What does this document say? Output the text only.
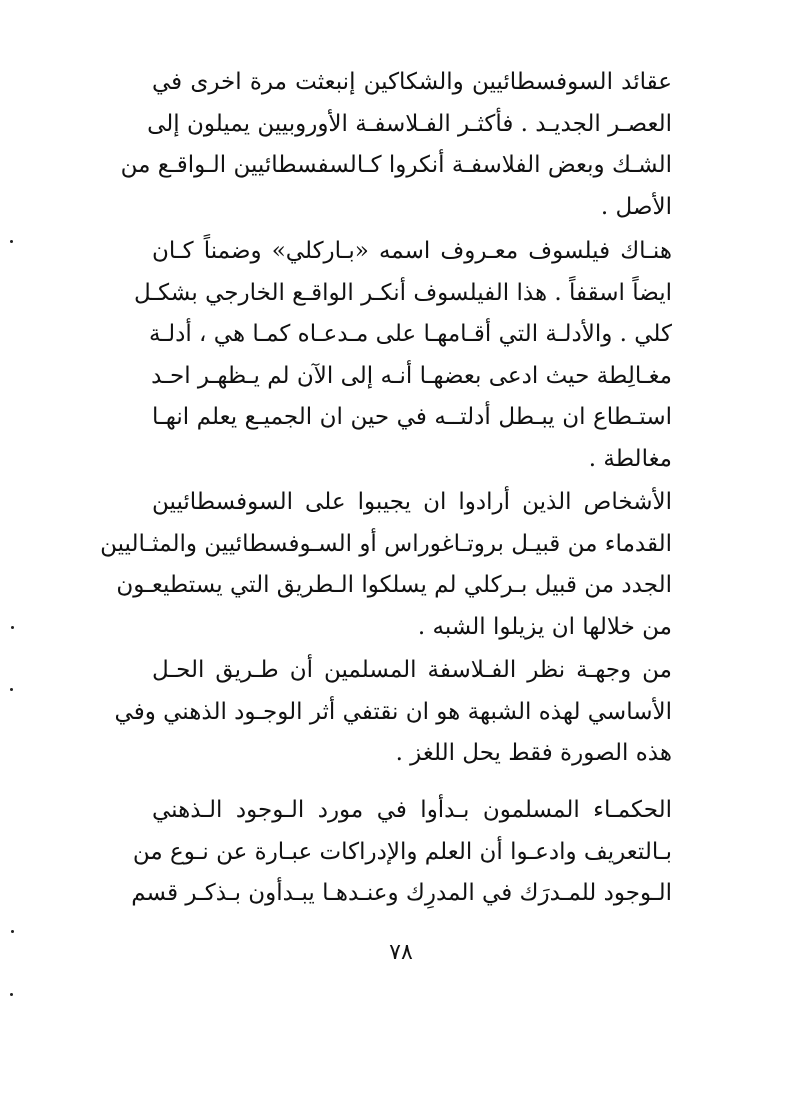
عقائد السوفسطائيين والشكاكين إنبعثت مرة اخرى في
العصـر الجديـد . فأكثـر الفـلاسفـة الأوروبيين يميلون إلى
الشـك وبعض الفلاسفـة أنكروا كـالسفسطائيين الـواقـع من
الأصل .
هنـاك فيلسوف معـروف اسمه «بـاركلي» وضمناً كـان
ايضاً اسقفاً . هذا الفيلسوف أنكـر الواقـع الخارجي بشكـل
كلي . والأدلـة التي أقـامهـا على مـدعـاه كمـا هي ، أدلـة
مغـالِطة حيث ادعى بعضهـا أنـه إلى الآن لم يـظهـر احـد
استـطاع ان يبـطل أدلتــه في حين ان الجميـع يعلم انهـا
مغالطة .
الأشخاص الذين أرادوا ان يجيبوا على السوفسطائيين
القدماء من قبيـل بروتـاغوراس أو السـوفسطائيين والمثـاليين
الجدد من قبيل بـركلي لم يسلكوا الـطريق التي يستطيعـون
من خلالها ان يزيلوا الشبه .
من وجهـة نظر الفـلاسفة المسلمين أن طـريق الحـل
الأساسي لهذه الشبهة هو ان نقتفي أثر الوجـود الذهني وفي
هذه الصورة فقط يحل اللغز .
الحكمـاء المسلمون بـدأوا في مورد الـوجود الـذهني
بـالتعريف وادعـوا أن العلم والإدراكات عبـارة عن نـوع من
الـوجود للمـدرَك في المدرِك وعنـدهـا يبـدأون بـذكـر قسم
٧٨
